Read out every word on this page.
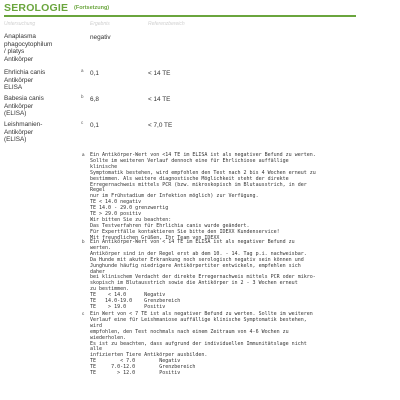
SEROLOGIE (Fortsetzung)
Untersuchung	Ergebnis	Referenzbereich
Anaplasma
phagocytophilum
/ platys
Antikörper
negativ
Ehrlichia canis
Antikörper
ELISA
a 0,1	< 14 TE
Babesia canis
Antikörper
(ELISA)
b 6,8	< 14 TE
Leishmanien-
Antikörper
(ELISA)
c 0,1	< 7,0 TE
a Ein Antikörper-Wert von <14 TE im ELISA ist als negativer Befund zu werten.
Sollte im weiteren Verlauf dennoch eine für Ehrlichiose auffällige
klinische
Symptomatik bestehen, wird empfohlen den Test nach 2 bis 4 Wochen erneut zu
bestimmen. Als weitere diagnostische Möglichkeit steht der direkte
Erregernachweis mittels PCR (bzw. mikroskopisch im Blutausstrich, in der
Regel
nur im Frühstadium der Infektion möglich) zur Verfügung.
TE < 14.0 negativ
TE 14.0 - 29.0 grenzwertig
TE > 29.0 positiv
Wir bitten Sie zu beachten:
Das Testverfahren für Ehrlichia canis wurde geändert.
Für Expertfälle kontaktieren Sie bitte den IDEXX Kundenservice!
Mit freundlichen Grüßen, Ihr Team von IDEXX
b Ein Antikörper-Wert von < 14 TE im ELISA ist als negativer Befund zu
werten.
Antikörper sind in der Regel erst ab dem 10. - 14. Tag p.i. nachweisbar.
Da Hunde mit akuter Erkrankung noch serologisch negativ sein können und
Junghunde häufig niedrigere Antikörpertiter entwickeln, empfehlen sich
daher
bei klinischem Verdacht der direkte Erregernachweis mittels PCR oder mikro-
skopisch im Blutausstrich sowie die Antikörper in 2 - 3 Wochen erneut
zu bestimmen.
TE    < 14.0      Negativ
TE   14.0-19.0    Grenzbereich
TE    > 19.0      Positiv
c Ein Wert von < 7 TE ist als negativer Befund zu werten. Sollte im weiteren
Verlauf eine für Leishmaniose auffällige klinische Symptomatik bestehen,
wird
empfohlen, den Test nochmals nach einem Zeitraum von 4-6 Wochen zu
wiederholen.
Es ist zu beachten, dass aufgrund der individuellen Immunitätslage nicht
alle
infizierten Tiere Antikörper ausbilden.
TE        < 7.0        Negativ
TE     7.0-12.0        Grenzbereich
TE       > 12.0        Positiv
